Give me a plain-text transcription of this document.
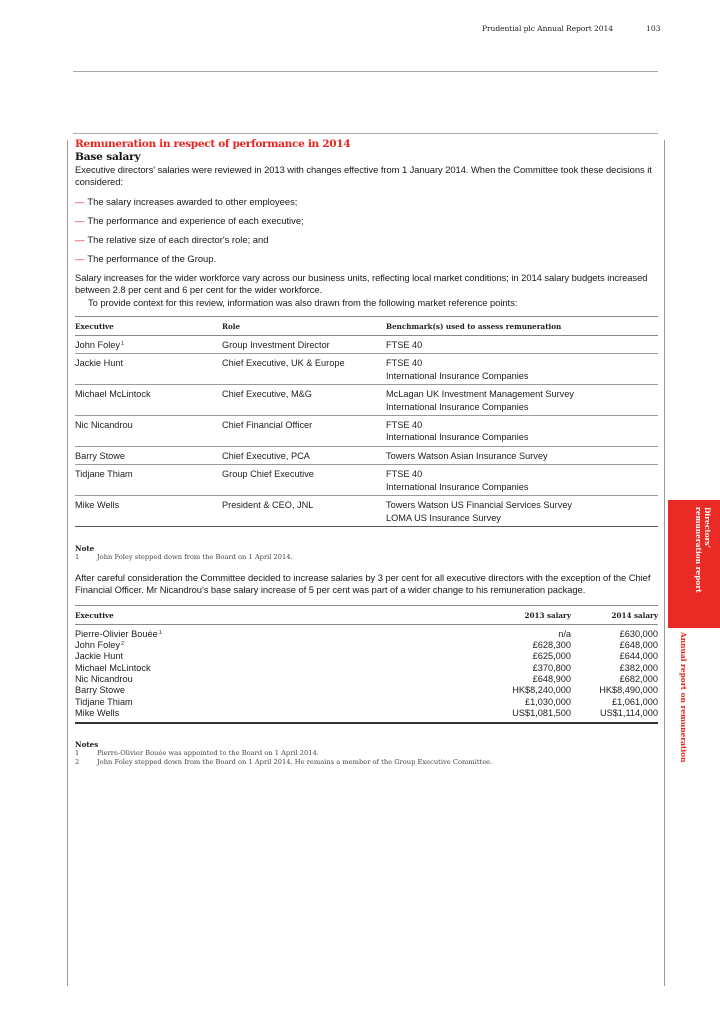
Prudential plc Annual Report 2014	103
Remuneration in respect of performance in 2014
Base salary
Executive directors' salaries were reviewed in 2013 with changes effective from 1 January 2014. When the Committee took these decisions it considered:
— The salary increases awarded to other employees;
— The performance and experience of each executive;
— The relative size of each director's role; and
— The performance of the Group.
Salary increases for the wider workforce vary across our business units, reflecting local market conditions; in 2014 salary budgets increased between 2.8 per cent and 6 per cent for the wider workforce.
To provide context for this review, information was also drawn from the following market reference points:
Executive	Role	Benchmark(s) used to assess remuneration
John Foley$^1$	Group Investment Director	FTSE 40

Jackie Hunt	Chief Executive, UK & Europe	FTSE 40
International Insurance Companies

Michael McLintock	Chief Executive, M&G	McLagan UK Investment Management Survey
International Insurance Companies

Nic Nicandrou	Chief Financial Officer	FTSE 40
International Insurance Companies

Barry Stowe	Chief Executive, PCA	Towers Watson Asian Insurance Survey

Tidjane Thiam	Group Chief Executive	FTSE 40
International Insurance Companies

Mike Wells	President & CEO, JNL	Towers Watson US Financial Services Survey
LOMA US Insurance Survey
Note
1	John Foley stepped down from the Board on 1 April 2014.
After careful consideration the Committee decided to increase salaries by 3 per cent for all executive directors with the exception of the Chief Financial Officer. Mr Nicandrou's base salary increase of 5 per cent was part of a wider change to his remuneration package.
Executive	2013 salary	2014 salary
Pierre-Olivier Bouée$^1$	n/a	£630,000
John Foley$^2$	£628,300	£648,000
Jackie Hunt	£625,000	£644,000
Michael McLintock	£370,800	£382,000
Nic Nicandrou	£648,900	£682,000
Barry Stowe	HK$8,240,000	HK$8,490,000
Tidjane Thiam	£1,030,000	£1,061,000
Mike Wells	US$1,081,500	US$1,114,000
Notes
1	Pierre-Olivier Bouée was appointed to the Board on 1 April 2014.
2	John Foley stepped down from the Board on 1 April 2014. He remains a member of the Group Executive Committee.
Directors'
remuneration report
Annual report on remuneration
